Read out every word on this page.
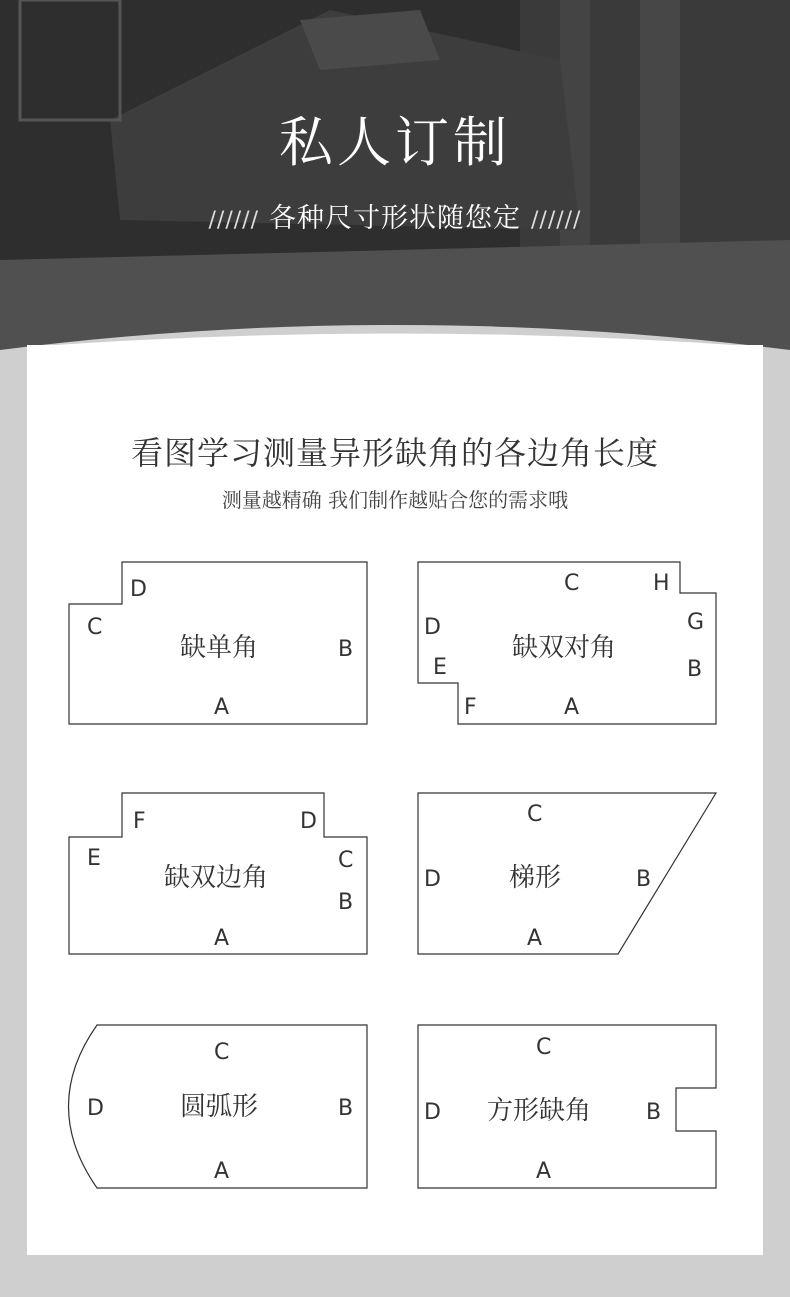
私人订制
////// 各种尺寸形状随您定 //////
看图学习测量异形缺角的各边角长度
测量越精确 我们制作越贴合您的需求哦
D
C
B
A
缺单角
C	H
D	G
E	B
F	A
缺双对角
F	D
E	C
B
A
缺双边角
C
D	B
A
梯形
C
D	B
A
圆弧形
C
D	B
A
方形缺角
